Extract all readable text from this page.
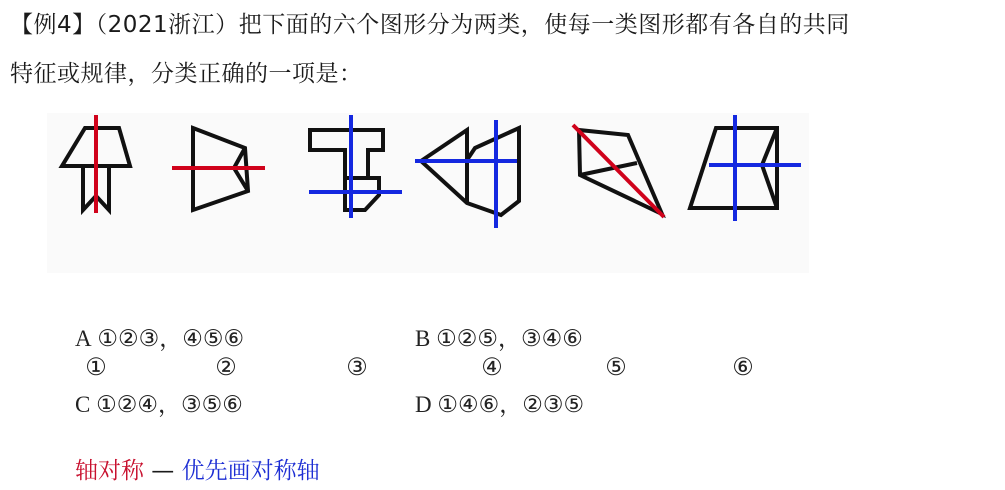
【例4】（2021浙江）把下面的六个图形分为两类，使每一类图形都有各自的共同
特征或规律，分类正确的一项是：
①	②	③	④	⑤	⑥
A ①②③，④⑤⑥	B ①②⑤，③④⑥
C ①②④，③⑤⑥	D ①④⑥，②③⑤
轴对称 — 优先画对称轴
